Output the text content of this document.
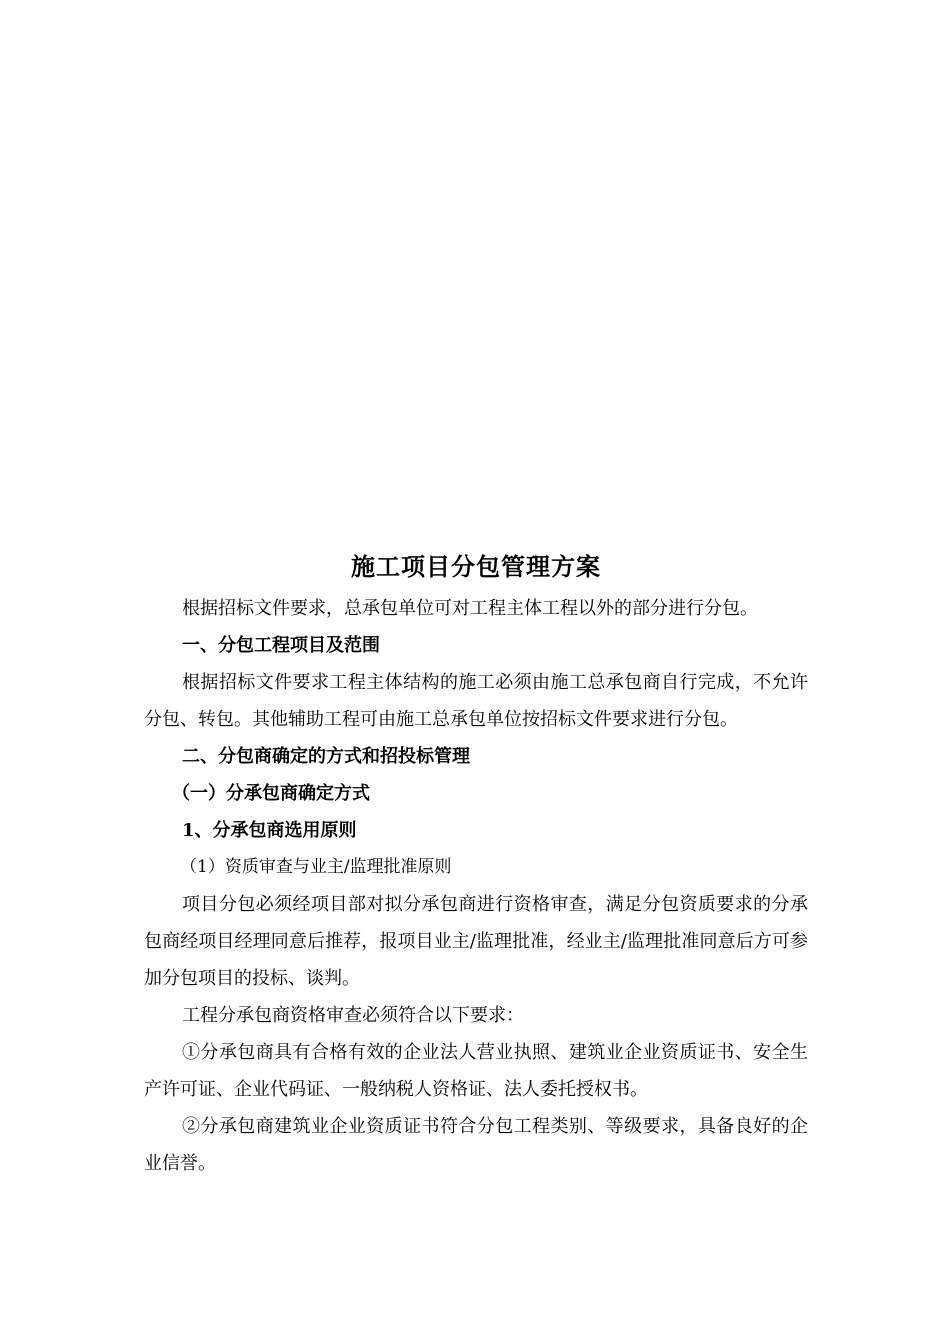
施工项目分包管理方案

根据招标文件要求，总承包单位可对工程主体工程以外的部分进行分包。

一、分包工程项目及范围

根据招标文件要求工程主体结构的施工必须由施工总承包商自行完成，不允许分包、转包。其他辅助工程可由施工总承包单位按招标文件要求进行分包。

二、分包商确定的方式和招投标管理

（一）分承包商确定方式

1、分承包商选用原则

（1）资质审查与业主/监理批准原则

项目分包必须经项目部对拟分承包商进行资格审查，满足分包资质要求的分承包商经项目经理同意后推荐，报项目业主/监理批准，经业主/监理批准同意后方可参加分包项目的投标、谈判。

工程分承包商资格审查必须符合以下要求：

①分承包商具有合格有效的企业法人营业执照、建筑业企业资质证书、安全生产许可证、企业代码证、一般纳税人资格证、法人委托授权书。

②分承包商建筑业企业资质证书符合分包工程类别、等级要求，具备良好的企业信誉。
